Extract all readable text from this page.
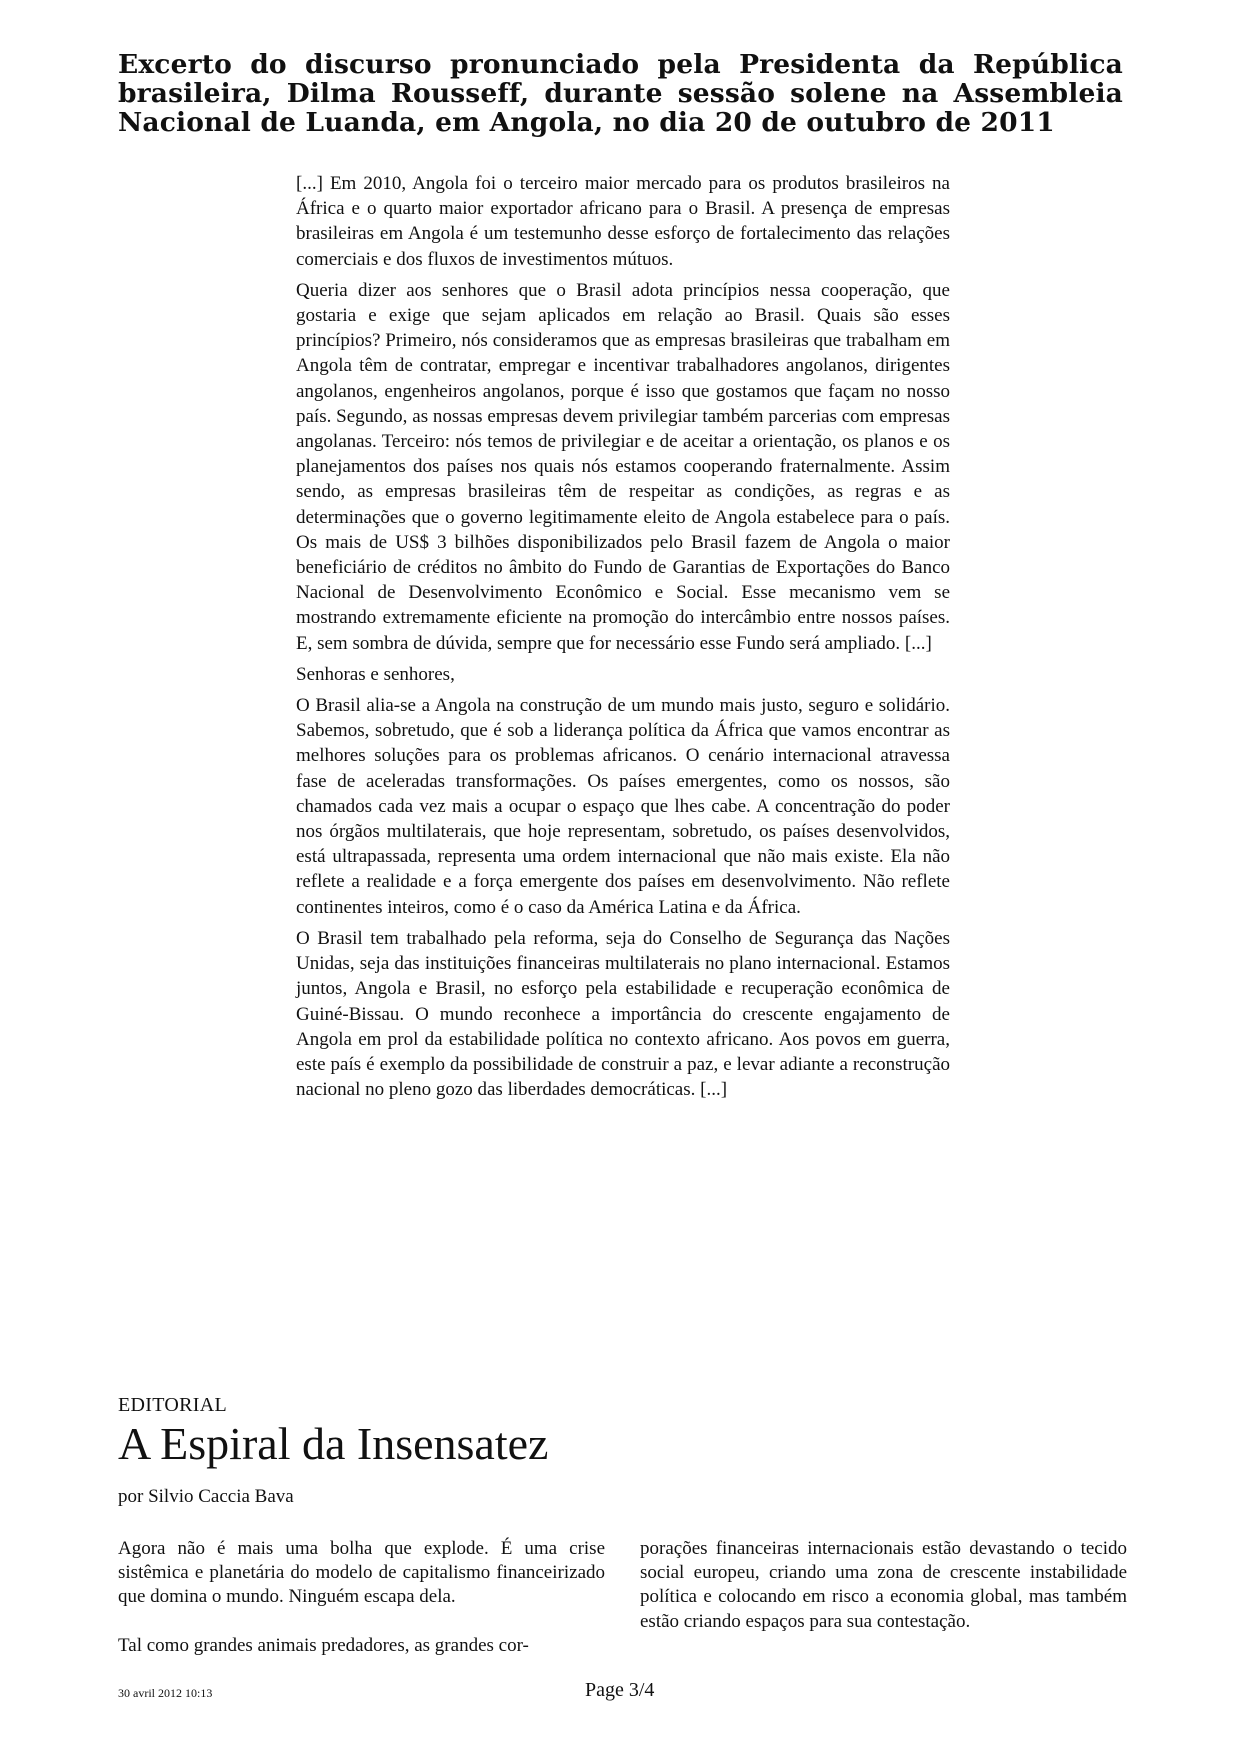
Excerto do discurso pronunciado pela Presidenta da República brasileira, Dilma Rousseff, durante sessão solene na Assembleia Nacional de Luanda, em Angola, no dia 20 de outubro de 2011

[...] Em 2010, Angola foi o terceiro maior mercado para os produtos brasileiros na África e o quarto maior exportador africano para o Brasil. A presença de empresas brasileiras em Angola é um testemunho desse esforço de fortalecimento das relações comerciais e dos fluxos de investimentos mútuos.

Queria dizer aos senhores que o Brasil adota princípios nessa cooperação, que gostaria e exige que sejam aplicados em relação ao Brasil. Quais são esses princípios? Primeiro, nós consideramos que as empresas brasileiras que trabalham em Angola têm de contratar, empregar e incentivar trabalhadores angolanos, dirigentes angolanos, engenheiros angolanos, porque é isso que gostamos que façam no nosso país. Segundo, as nossas empresas devem privilegiar também parcerias com empresas angolanas. Terceiro: nós temos de privilegiar e de aceitar a orientação, os planos e os planejamentos dos países nos quais nós estamos cooperando fraternalmente. Assim sendo, as empresas brasileiras têm de respeitar as condições, as regras e as determinações que o governo legitimamente eleito de Angola estabelece para o país. Os mais de US$ 3 bilhões disponibilizados pelo Brasil fazem de Angola o maior beneficiário de créditos no âmbito do Fundo de Garantias de Exportações do Banco Nacional de Desenvolvimento Econômico e Social. Esse mecanismo vem se mostrando extremamente eficiente na promoção do intercâmbio entre nossos países. E, sem sombra de dúvida, sempre que for necessário esse Fundo será ampliado. [...]

Senhoras e senhores,

O Brasil alia-se a Angola na construção de um mundo mais justo, seguro e solidário. Sabemos, sobretudo, que é sob a liderança política da África que vamos encontrar as melhores soluções para os problemas africanos. O cenário internacional atravessa fase de aceleradas transformações. Os países emergentes, como os nossos, são chamados cada vez mais a ocupar o espaço que lhes cabe. A concentração do poder nos órgãos multilaterais, que hoje representam, sobretudo, os países desenvolvidos, está ultrapassada, representa uma ordem internacional que não mais existe. Ela não reflete a realidade e a força emergente dos países em desenvolvimento. Não reflete continentes inteiros, como é o caso da América Latina e da África.

O Brasil tem trabalhado pela reforma, seja do Conselho de Segurança das Nações Unidas, seja das instituições financeiras multilaterais no plano internacional. Estamos juntos, Angola e Brasil, no esforço pela estabilidade e recuperação econômica de Guiné-Bissau. O mundo reconhece a importância do crescente engajamento de Angola em prol da estabilidade política no contexto africano. Aos povos em guerra, este país é exemplo da possibilidade de construir a paz, e levar adiante a reconstrução nacional no pleno gozo das liberdades democráticas. [...]

EDITORIAL
A Espiral da Insensatez
por Silvio Caccia Bava

Agora não é mais uma bolha que explode. É uma crise sistêmica e planetária do modelo de capitalismo financeirizado que domina o mundo. Ninguém escapa dela.

Tal como grandes animais predadores, as grandes cor-

porações financeiras internacionais estão devastando o tecido social europeu, criando uma zona de crescente instabilidade política e colocando em risco a economia global, mas também estão criando espaços para sua contestação.

30 avril 2012 10:13	Page 3/4
